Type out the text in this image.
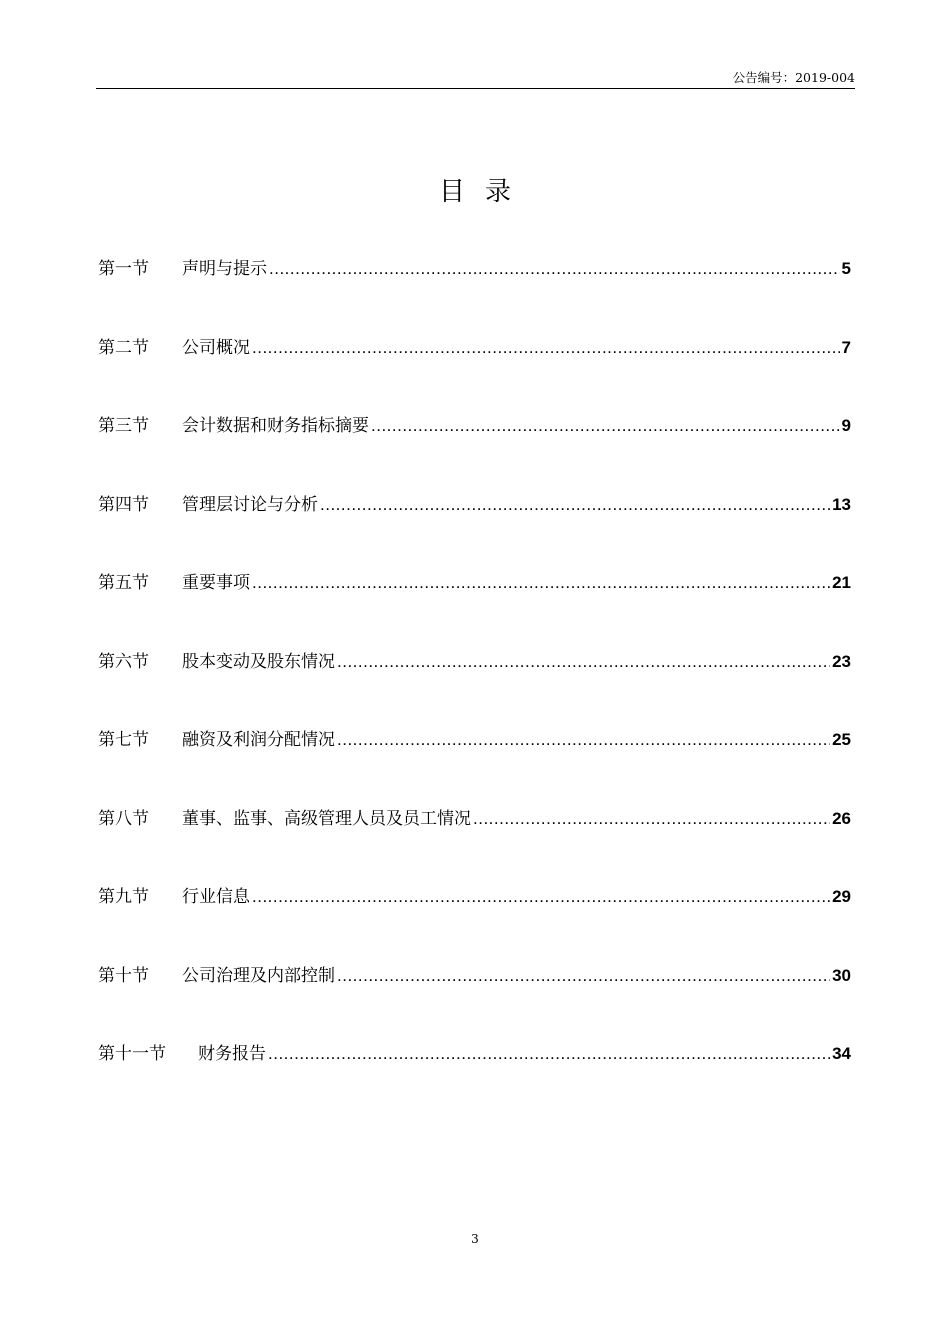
公告编号：2019-004
目录
第一节	声明与提示 .....	5
第二节	公司概况 .....	7
第三节	会计数据和财务指标摘要 .....	9
第四节	管理层讨论与分析 .....	13
第五节	重要事项 .....	21
第六节	股本变动及股东情况 .....	23
第七节	融资及利润分配情况 .....	25
第八节	董事、监事、高级管理人员及员工情况 .....	26
第九节	行业信息 .....	29
第十节	公司治理及内部控制 .....	30
第十一节	财务报告 .....	34
3
